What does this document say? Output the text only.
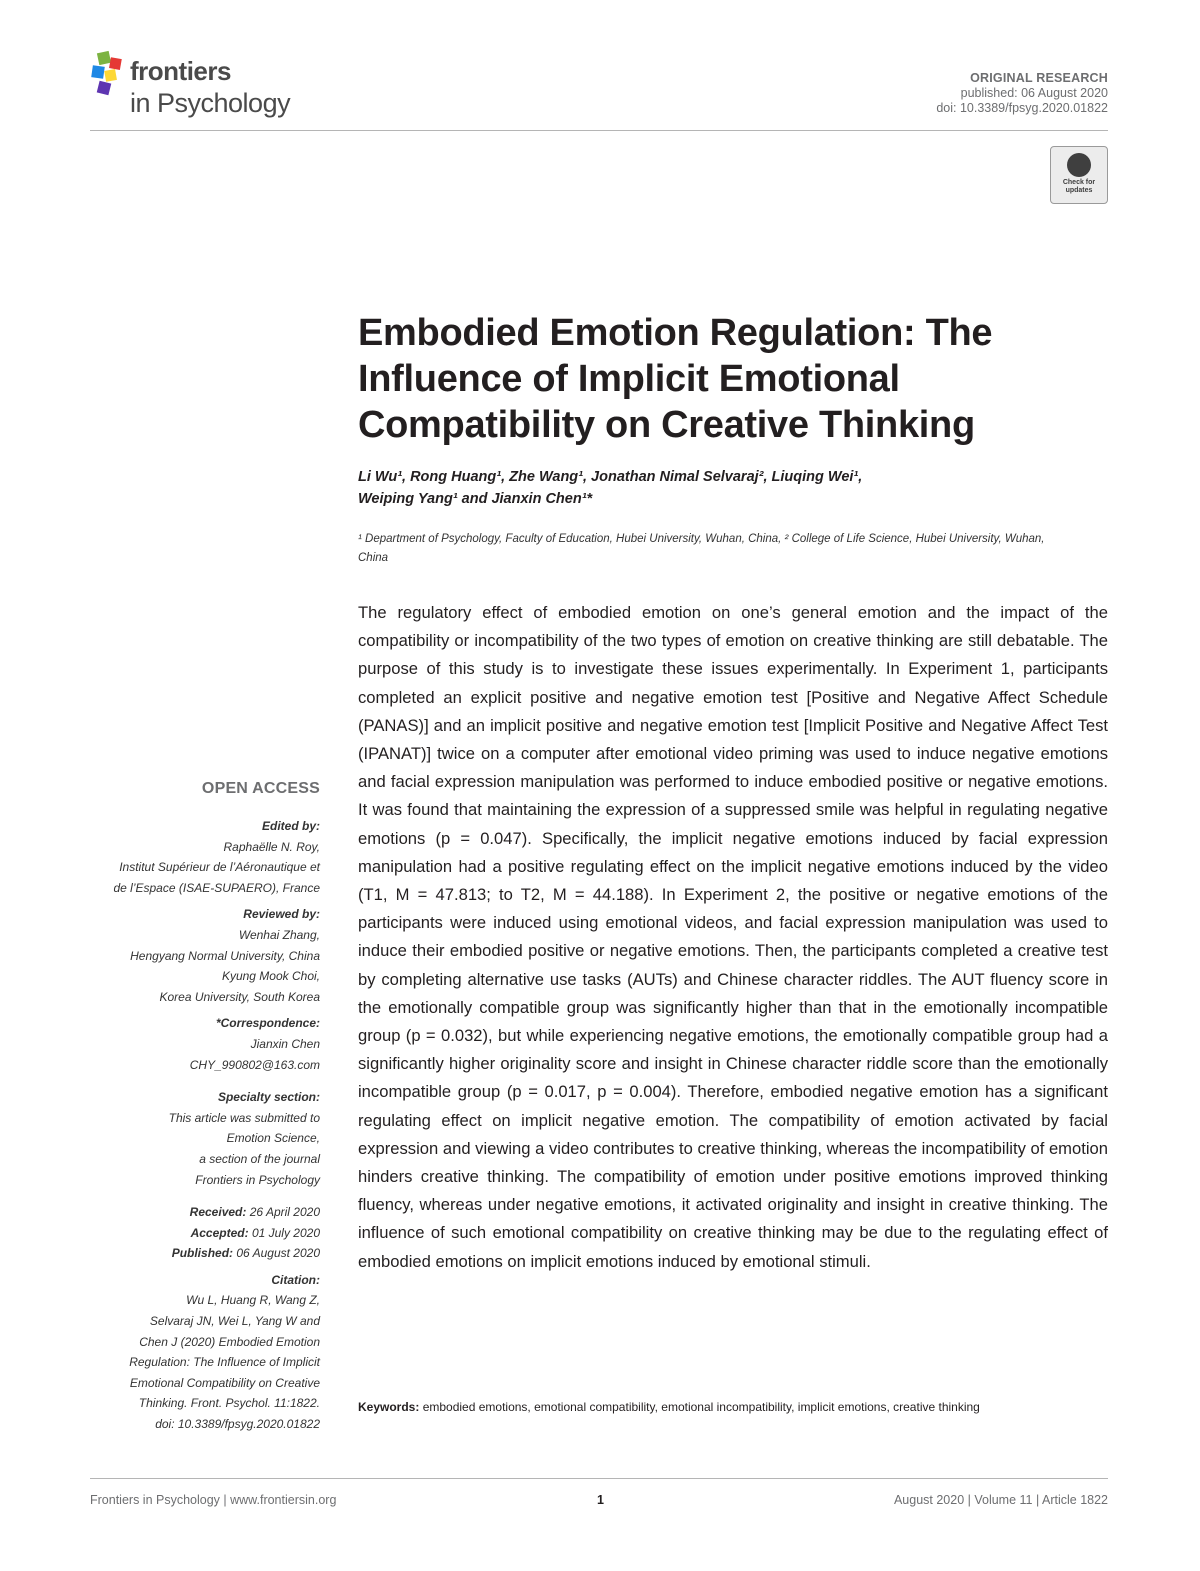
frontiers
in Psychology
ORIGINAL RESEARCH
published: 06 August 2020
doi: 10.3389/fpsyg.2020.01822
Check for updates
Embodied Emotion Regulation: The Influence of Implicit Emotional Compatibility on Creative Thinking
Li Wu¹, Rong Huang¹, Zhe Wang¹, Jonathan Nimal Selvaraj², Liuqing Wei¹,
Weiping Yang¹ and Jianxin Chen¹*
¹ Department of Psychology, Faculty of Education, Hubei University, Wuhan, China, ² College of Life Science, Hubei University, Wuhan, China

The regulatory effect of embodied emotion on one’s general emotion and the impact of the compatibility or incompatibility of the two types of emotion on creative thinking are still debatable. The purpose of this study is to investigate these issues experimentally. In Experiment 1, participants completed an explicit positive and negative emotion test [Positive and Negative Affect Schedule (PANAS)] and an implicit positive and negative emotion test [Implicit Positive and Negative Affect Test (IPANAT)] twice on a computer after emotional video priming was used to induce negative emotions and facial expression manipulation was performed to induce embodied positive or negative emotions. It was found that maintaining the expression of a suppressed smile was helpful in regulating negative emotions (p = 0.047). Specifically, the implicit negative emotions induced by facial expression manipulation had a positive regulating effect on the implicit negative emotions induced by the video (T1, M = 47.813; to T2, M = 44.188). In Experiment 2, the positive or negative emotions of the participants were induced using emotional videos, and facial expression manipulation was used to induce their embodied positive or negative emotions. Then, the participants completed a creative test by completing alternative use tasks (AUTs) and Chinese character riddles. The AUT fluency score in the emotionally compatible group was significantly higher than that in the emotionally incompatible group (p = 0.032), but while experiencing negative emotions, the emotionally compatible group had a significantly higher originality score and insight in Chinese character riddle score than the emotionally incompatible group (p = 0.017, p = 0.004). Therefore, embodied negative emotion has a significant regulating effect on implicit negative emotion. The compatibility of emotion activated by facial expression and viewing a video contributes to creative thinking, whereas the incompatibility of emotion hinders creative thinking. The compatibility of emotion under positive emotions improved thinking fluency, whereas under negative emotions, it activated originality and insight in creative thinking. The influence of such emotional compatibility on creative thinking may be due to the regulating effect of embodied emotions on implicit emotions induced by emotional stimuli.

Keywords: embodied emotions, emotional compatibility, emotional incompatibility, implicit emotions, creative thinking
OPEN ACCESS
Edited by:
Raphaëlle N. Roy,
Institut Supérieur de l’Aéronautique et
de l’Espace (ISAE-SUPAERO), France
Reviewed by:
Wenhai Zhang,
Hengyang Normal University, China
Kyung Mook Choi,
Korea University, South Korea
*Correspondence:
Jianxin Chen
CHY_990802@163.com
Specialty section:
This article was submitted to
Emotion Science,
a section of the journal
Frontiers in Psychology
Received: 26 April 2020
Accepted: 01 July 2020
Published: 06 August 2020
Citation:
Wu L, Huang R, Wang Z,
Selvaraj JN, Wei L, Yang W and
Chen J (2020) Embodied Emotion
Regulation: The Influence of Implicit
Emotional Compatibility on Creative
Thinking. Front. Psychol. 11:1822.
doi: 10.3389/fpsyg.2020.01822
Frontiers in Psychology | www.frontiersin.org	1	August 2020 | Volume 11 | Article 1822
